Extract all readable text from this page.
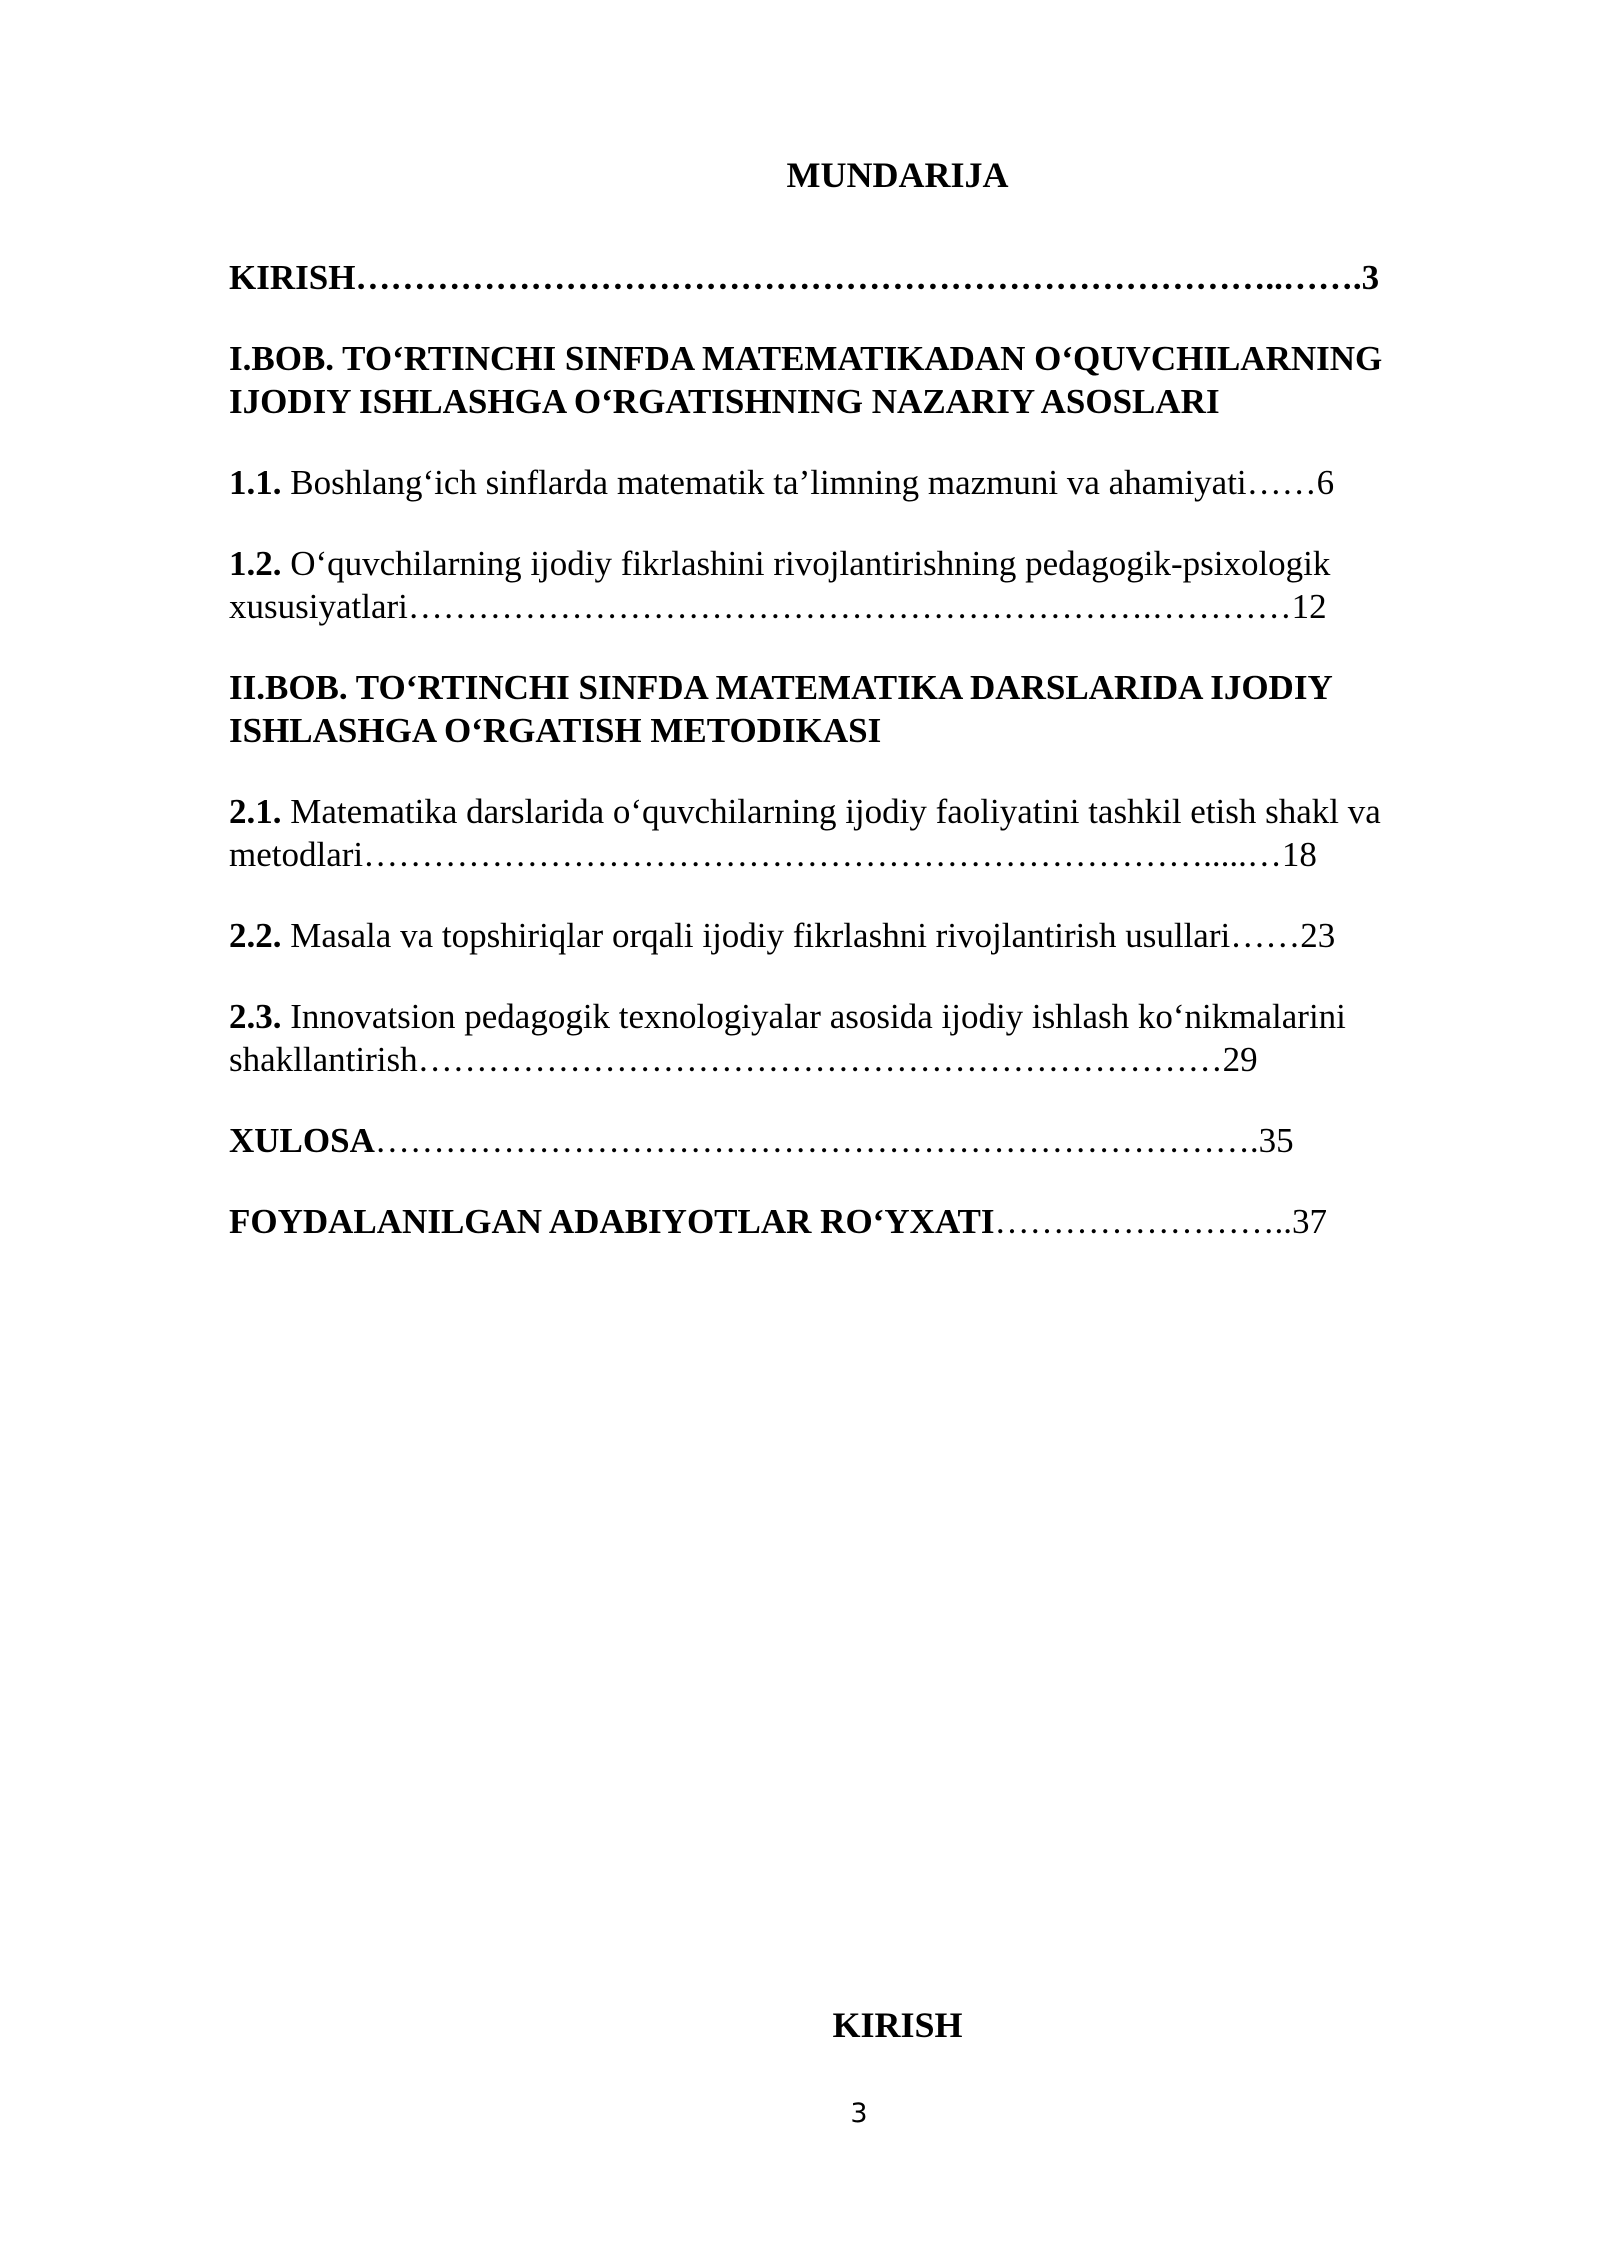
MUNDARIJA
KIRISH……………………………………………………………………..…….3
I.BOB. TO‘RTINCHI SINFDA MATEMATIKADAN O‘QUVCHILARNING
IJODIY ISHLASHGA O‘RGATISHNING NAZARIY ASOSLARI
1.1. Boshlang‘ich sinflarda matematik ta’limning mazmuni va ahamiyati……6
1.2. O‘quvchilarning ijodiy fikrlashini rivojlantirishning pedagogik-psixologik
xususiyatlari……………………………………………………….…………12
II.BOB. TO‘RTINCHI SINFDA MATEMATIKA DARSLARIDA IJODIY
ISHLASHGA O‘RGATISH METODIKASI
2.1. Matematika darslarida o‘quvchilarning ijodiy faoliyatini tashkil etish shakl va
metodlari……………………………………………………………….....…18
2.2. Masala va topshiriqlar orqali ijodiy fikrlashni rivojlantirish usullari……23
2.3. Innovatsion pedagogik texnologiyalar asosida ijodiy ishlash ko‘nikmalarini
shakllantirish……………………………………………………………29
XULOSA………………………………………………………………….35
FOYDALANILGAN ADABIYOTLAR RO‘YXATI……………………..37
KIRISH
3
